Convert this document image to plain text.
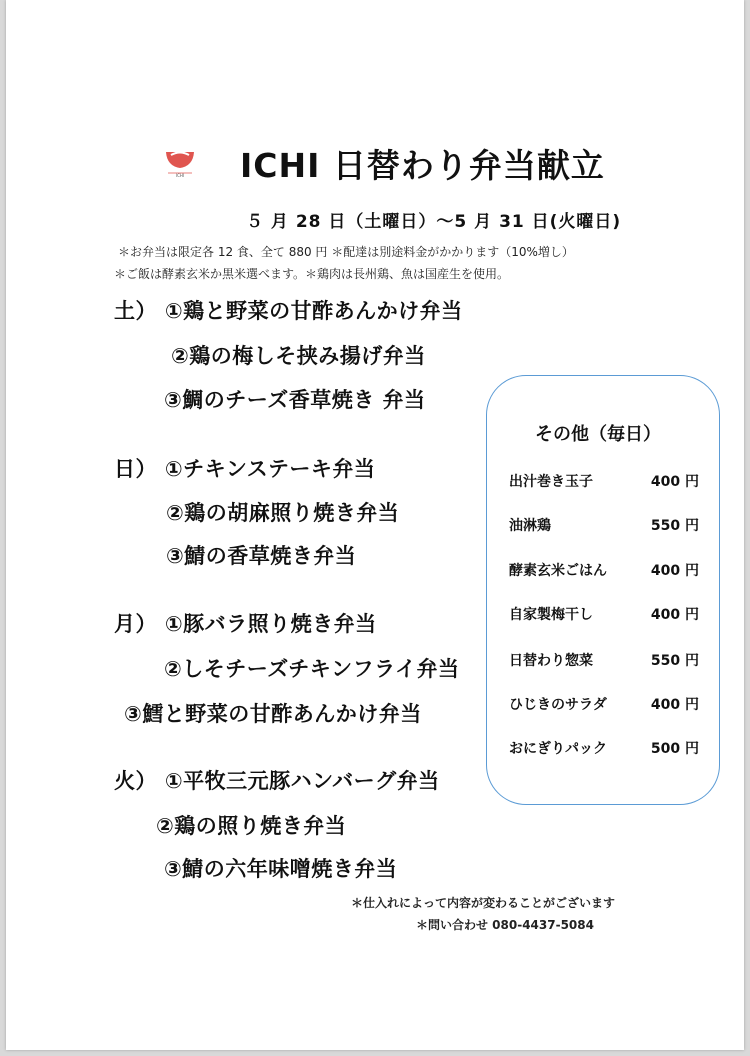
ICHI ICHI 日替わり弁当献立
５ 月 28 日（土曜日）～5 月 31 日(火曜日)
＊お弁当は限定各 12 食、全て 880 円 ＊配達は別途料金がかかります（10%増し）
＊ご飯は酵素玄米か黒米選べます。＊鶏肉は長州鶏、魚は国産生を使用。
土） ①鶏と野菜の甘酢あんかけ弁当
②鶏の梅しそ挟み揚げ弁当
③鯛のチーズ香草焼き 弁当
日） ①チキンステーキ弁当
②鶏の胡麻照り焼き弁当
③鯖の香草焼き弁当
月） ①豚バラ照り焼き弁当
②しそチーズチキンフライ弁当
③鱈と野菜の甘酢あんかけ弁当
火） ①平牧三元豚ハンバーグ弁当
②鶏の照り焼き弁当
③鯖の六年味噌焼き弁当
その他（毎日）
出汁巻き玉子	400 円
油淋鶏	550 円
酵素玄米ごはん	400 円
自家製梅干し	400 円
日替わり惣菜	550 円
ひじきのサラダ	400 円
おにぎりパック	500 円
＊仕入れによって内容が変わることがございます
＊問い合わせ 080-4437-5084
